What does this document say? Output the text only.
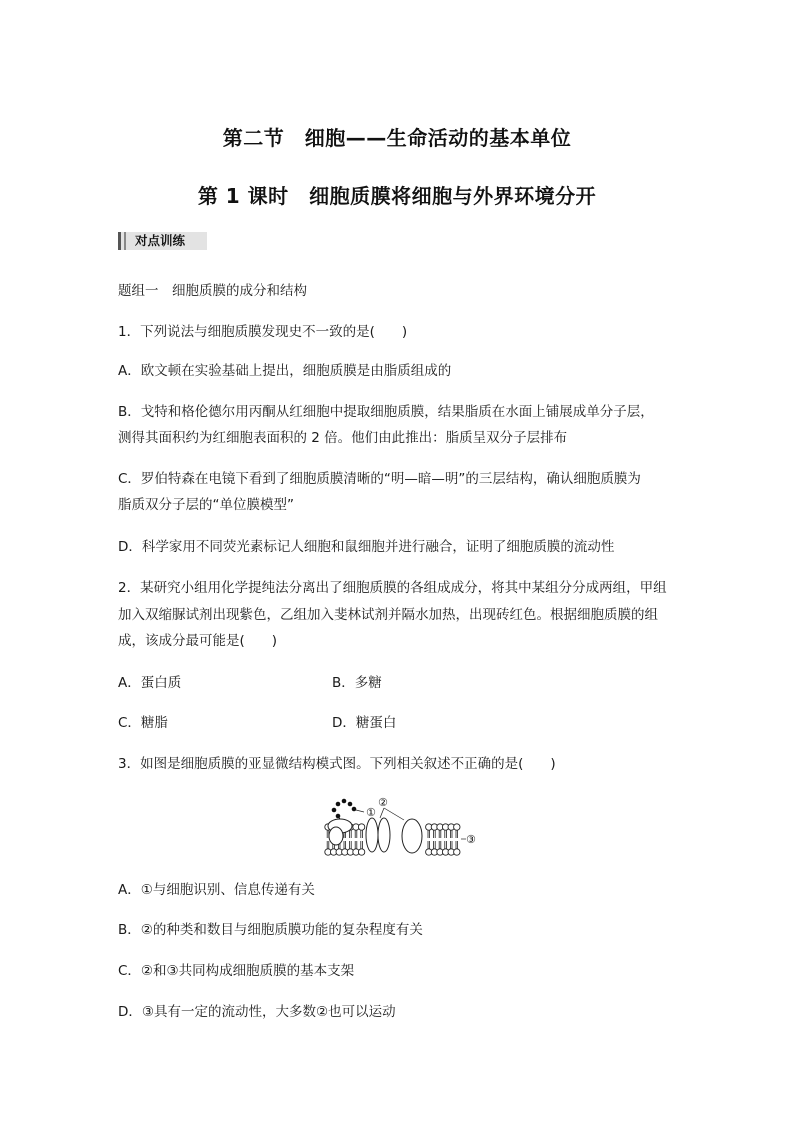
第二节　细胞——生命活动的基本单位
第 1 课时　细胞质膜将细胞与外界环境分开
对点训练
题组一　细胞质膜的成分和结构
1．下列说法与细胞质膜发现史不一致的是(　　)
A．欧文顿在实验基础上提出，细胞质膜是由脂质组成的
B．戈特和格伦德尔用丙酮从红细胞中提取细胞质膜，结果脂质在水面上铺展成单分子层，
测得其面积约为红细胞表面积的 2 倍。他们由此推出：脂质呈双分子层排布
C．罗伯特森在电镜下看到了细胞质膜清晰的“明—暗—明”的三层结构，确认细胞质膜为
脂质双分子层的“单位膜模型”
D．科学家用不同荧光素标记人细胞和鼠细胞并进行融合，证明了细胞质膜的流动性
2．某研究小组用化学提纯法分离出了细胞质膜的各组成成分，将其中某组分分成两组，甲组
加入双缩脲试剂出现紫色，乙组加入斐林试剂并隔水加热，出现砖红色。根据细胞质膜的组
成，该成分最可能是(　　)
A．蛋白质	B．多糖
C．糖脂	D．糖蛋白
3．如图是细胞质膜的亚显微结构模式图。下列相关叙述不正确的是(　　)
①
②
③
A．①与细胞识别、信息传递有关
B．②的种类和数目与细胞质膜功能的复杂程度有关
C．②和③共同构成细胞质膜的基本支架
D．③具有一定的流动性，大多数②也可以运动
